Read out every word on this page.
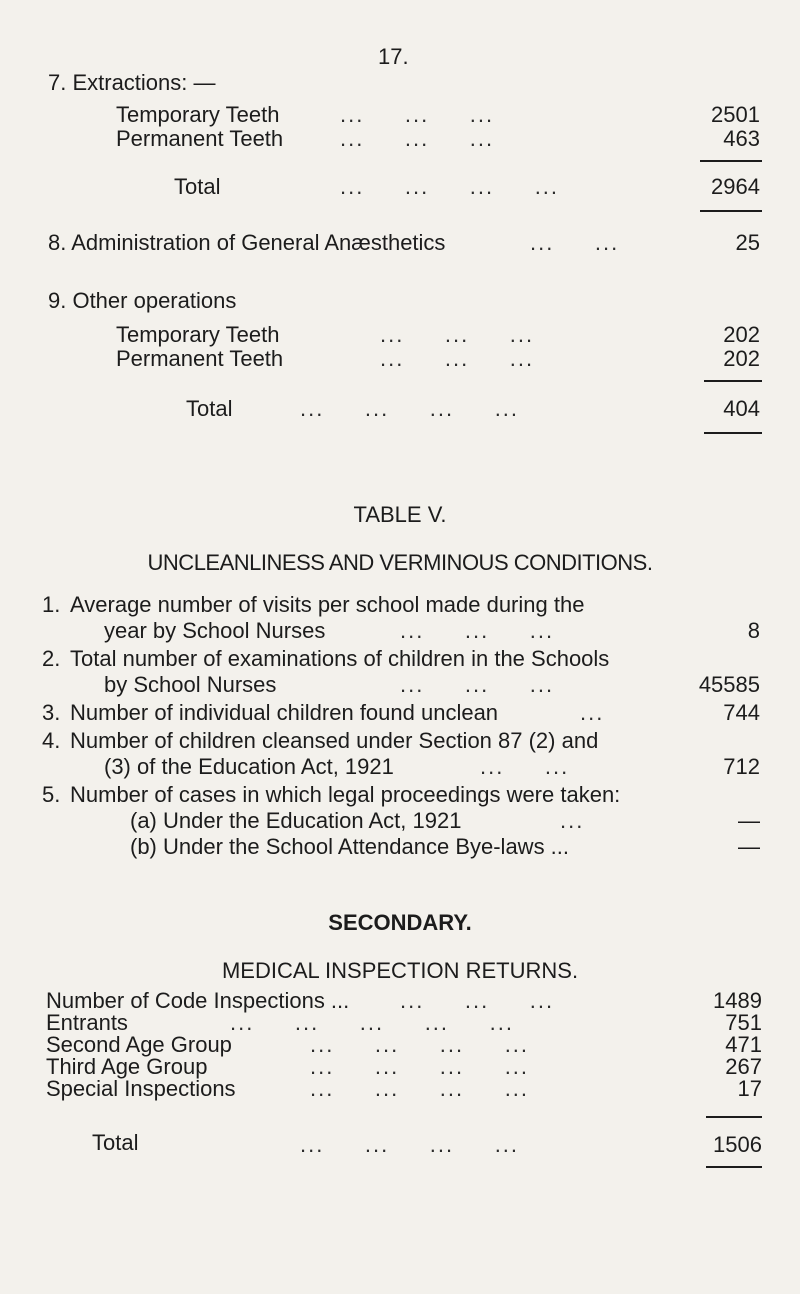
17.
7. Extractions: —
Temporary Teeth	...     ...     ...	2501
Permanent Teeth	...     ...     ...	463
Total	...     ...     ...     ...	2964
8. Administration of General Anæsthetics	...     ...	25
9. Other operations
Temporary Teeth	...     ...     ...	202
Permanent Teeth	...     ...     ...	202
Total	...     ...     ...     ...	404
TABLE V.
UNCLEANLINESS AND VERMINOUS CONDITIONS.
1. Average number of visits per school made during the
year by School Nurses	...     ...     ...	8
2. Total number of examinations of children in the Schools
by School Nurses	...     ...     ...	45585
3. Number of individual children found unclean	...	744
4. Number of children cleansed under Section 87 (2) and
(3) of the Education Act, 1921	...     ...	712
5. Number of cases in which legal proceedings were taken:
(a) Under the Education Act, 1921	...	—
(b) Under the School Attendance Bye-laws ...	—
SECONDARY.
MEDICAL INSPECTION RETURNS.
Number of Code Inspections ... ...     ...     ...	1489
Entrants	...     ...     ...     ...     ...	751
Second Age Group	...     ...     ...     ...	471
Third Age Group	...     ...     ...     ...	267
Special Inspections	...     ...     ...     ...	17
Total	...     ...     ...     ...	1506
